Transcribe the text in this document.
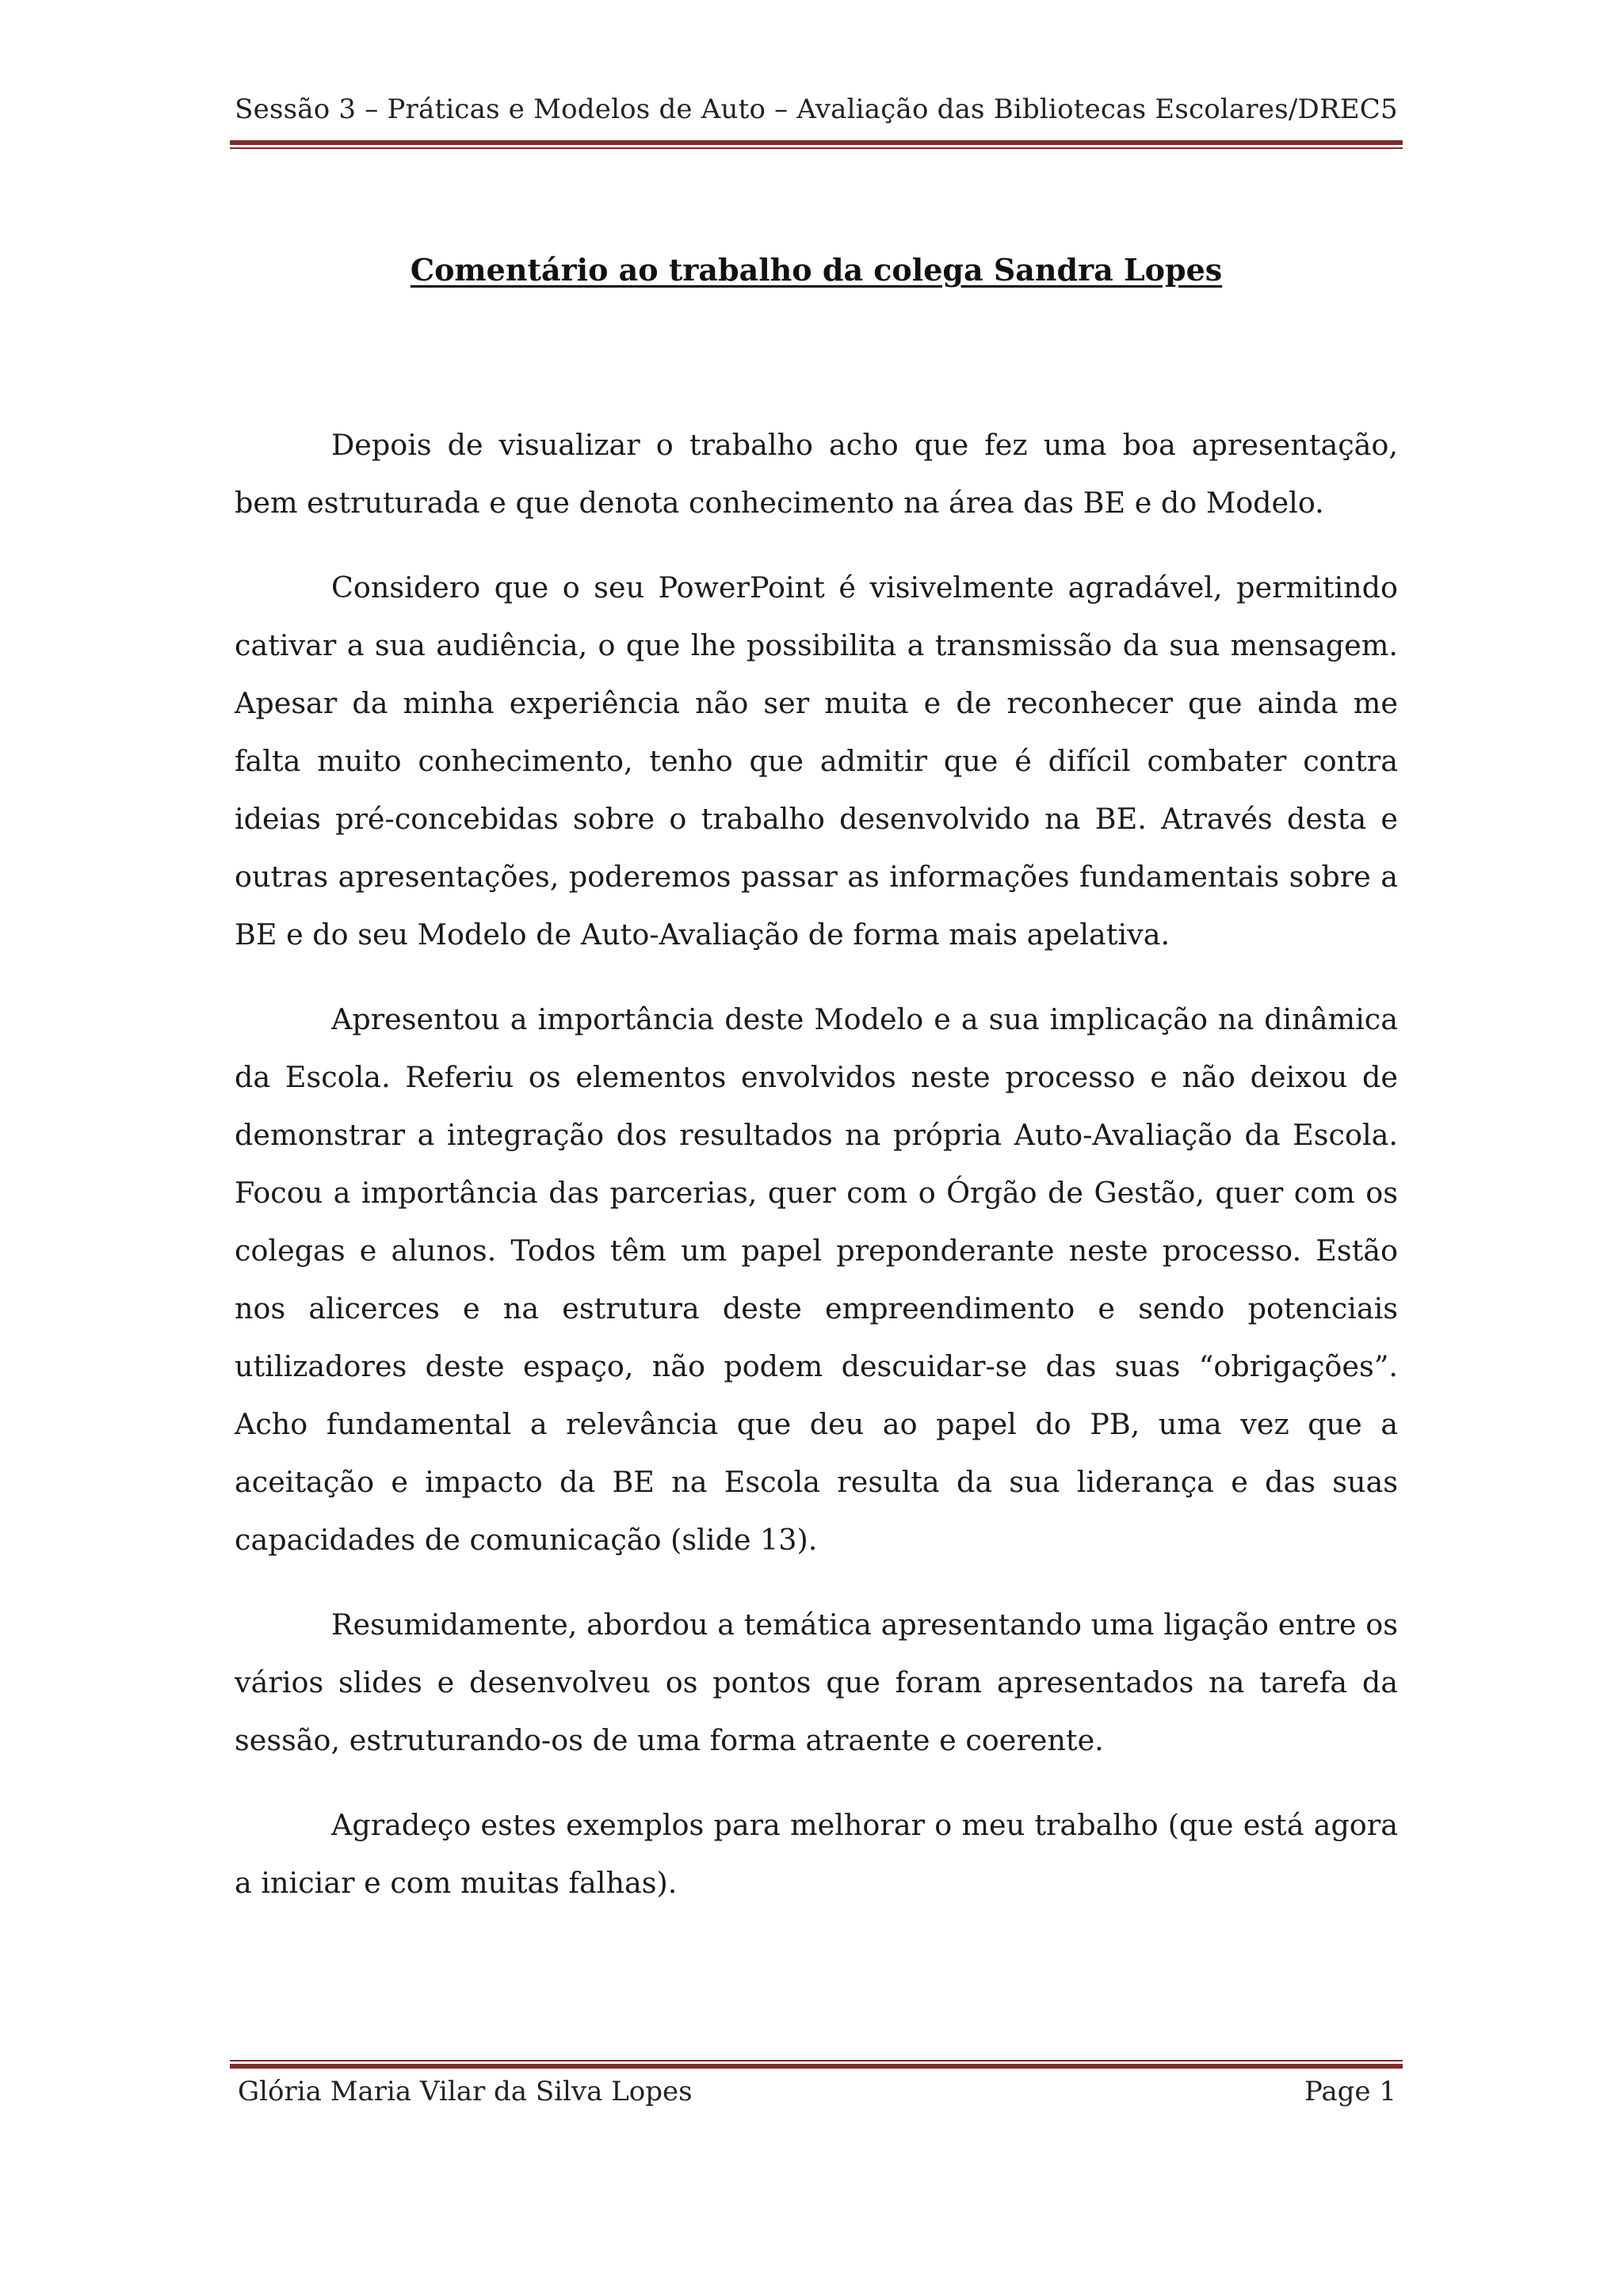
Sessão 3 – Práticas e Modelos de Auto – Avaliação das Bibliotecas Escolares/DREC5
Comentário ao trabalho da colega Sandra Lopes

Depois de visualizar o trabalho acho que fez uma boa apresentação, bem estruturada e que denota conhecimento na área das BE e do Modelo.

Considero que o seu PowerPoint é visivelmente agradável, permitindo cativar a sua audiência, o que lhe possibilita a transmissão da sua mensagem. Apesar da minha experiência não ser muita e de reconhecer que ainda me falta muito conhecimento, tenho que admitir que é difícil combater contra ideias pré-concebidas sobre o trabalho desenvolvido na BE. Através desta e outras apresentações, poderemos passar as informações fundamentais sobre a BE e do seu Modelo de Auto-Avaliação de forma mais apelativa.

Apresentou a importância deste Modelo e a sua implicação na dinâmica da Escola. Referiu os elementos envolvidos neste processo e não deixou de demonstrar a integração dos resultados na própria Auto-Avaliação da Escola. Focou a importância das parcerias, quer com o Órgão de Gestão, quer com os colegas e alunos. Todos têm um papel preponderante neste processo. Estão nos alicerces e na estrutura deste empreendimento e sendo potenciais utilizadores deste espaço, não podem descuidar-se das suas “obrigações”. Acho fundamental a relevância que deu ao papel do PB, uma vez que a aceitação e impacto da BE na Escola resulta da sua liderança e das suas capacidades de comunicação (slide 13).

Resumidamente, abordou a temática apresentando uma ligação entre os vários slides e desenvolveu os pontos que foram apresentados na tarefa da sessão, estruturando-os de uma forma atraente e coerente.

Agradeço estes exemplos para melhorar o meu trabalho (que está agora a iniciar e com muitas falhas).

Glória Maria Vilar da Silva Lopes	Page 1
